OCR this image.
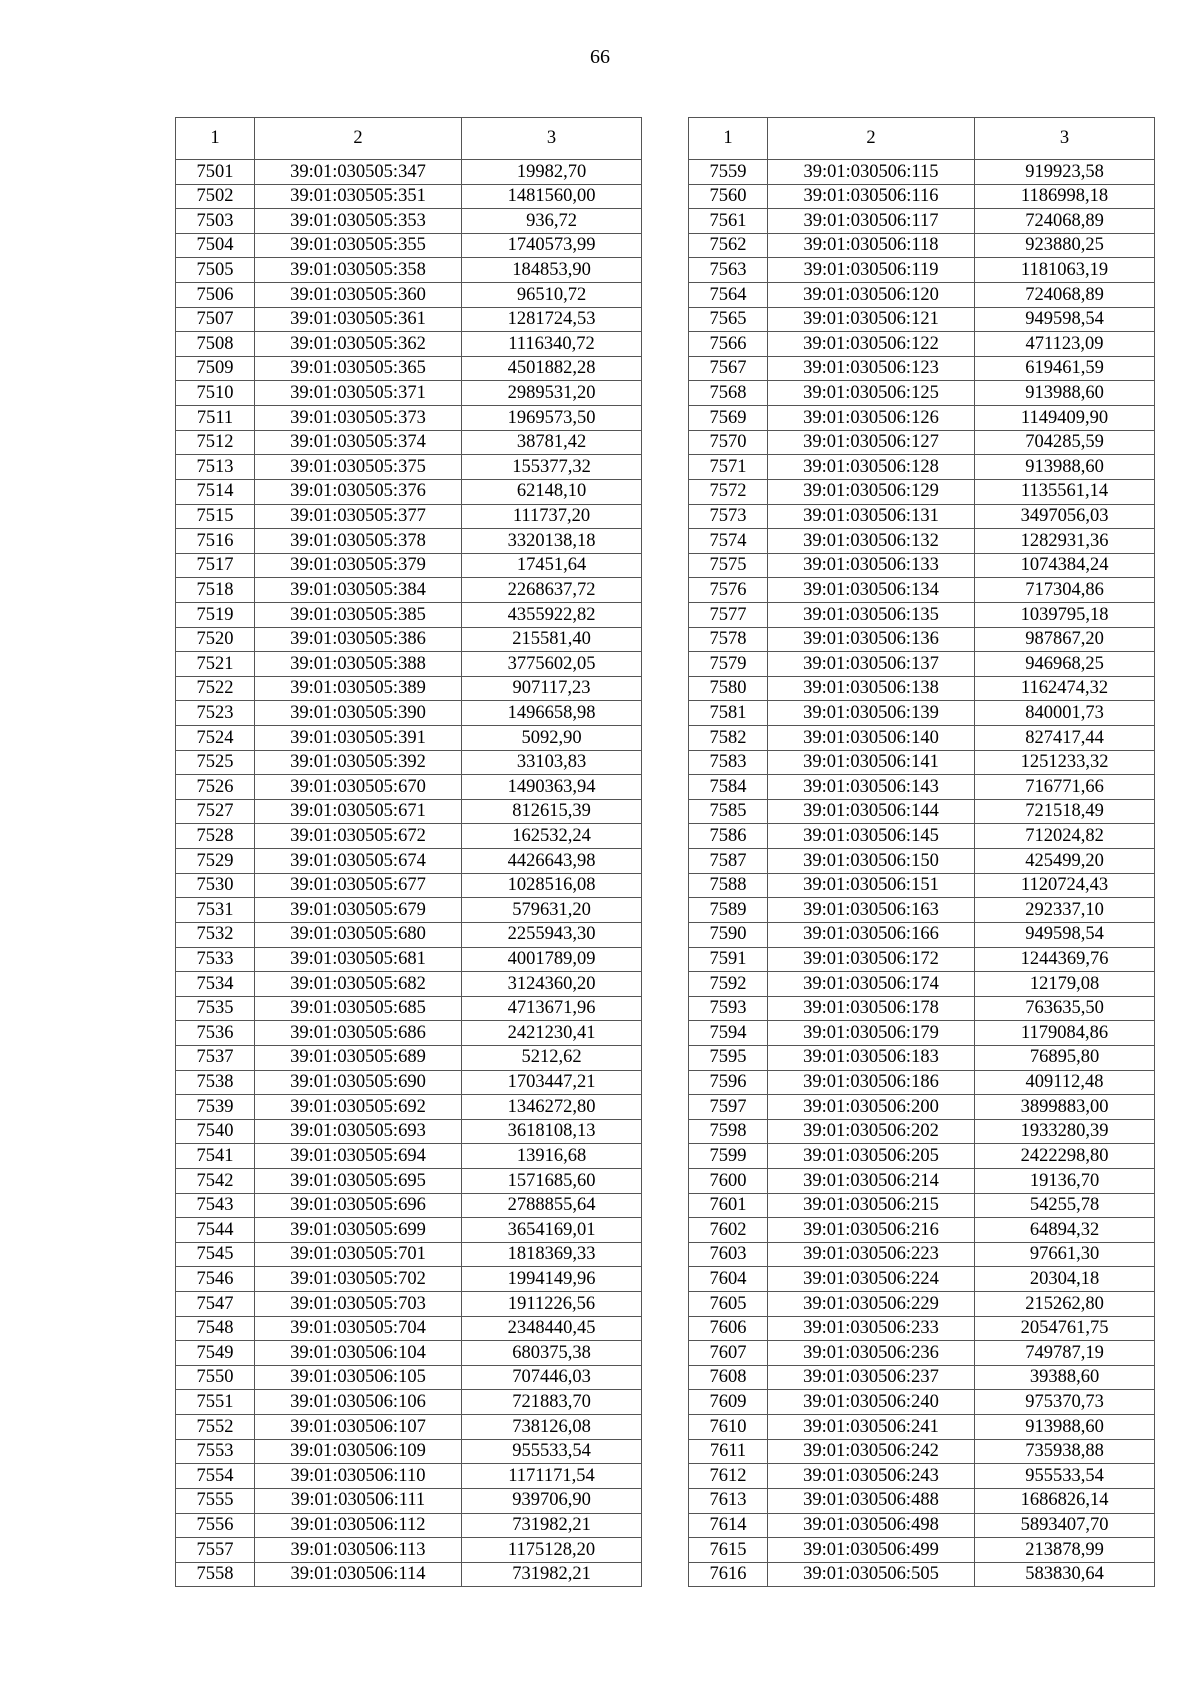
66
1	2	3
7501	39:01:030505:347	19982,70
7502	39:01:030505:351	1481560,00
7503	39:01:030505:353	936,72
7504	39:01:030505:355	1740573,99
7505	39:01:030505:358	184853,90
7506	39:01:030505:360	96510,72
7507	39:01:030505:361	1281724,53
7508	39:01:030505:362	1116340,72
7509	39:01:030505:365	4501882,28
7510	39:01:030505:371	2989531,20
7511	39:01:030505:373	1969573,50
7512	39:01:030505:374	38781,42
7513	39:01:030505:375	155377,32
7514	39:01:030505:376	62148,10
7515	39:01:030505:377	111737,20
7516	39:01:030505:378	3320138,18
7517	39:01:030505:379	17451,64
7518	39:01:030505:384	2268637,72
7519	39:01:030505:385	4355922,82
7520	39:01:030505:386	215581,40
7521	39:01:030505:388	3775602,05
7522	39:01:030505:389	907117,23
7523	39:01:030505:390	1496658,98
7524	39:01:030505:391	5092,90
7525	39:01:030505:392	33103,83
7526	39:01:030505:670	1490363,94
7527	39:01:030505:671	812615,39
7528	39:01:030505:672	162532,24
7529	39:01:030505:674	4426643,98
7530	39:01:030505:677	1028516,08
7531	39:01:030505:679	579631,20
7532	39:01:030505:680	2255943,30
7533	39:01:030505:681	4001789,09
7534	39:01:030505:682	3124360,20
7535	39:01:030505:685	4713671,96
7536	39:01:030505:686	2421230,41
7537	39:01:030505:689	5212,62
7538	39:01:030505:690	1703447,21
7539	39:01:030505:692	1346272,80
7540	39:01:030505:693	3618108,13
7541	39:01:030505:694	13916,68
7542	39:01:030505:695	1571685,60
7543	39:01:030505:696	2788855,64
7544	39:01:030505:699	3654169,01
7545	39:01:030505:701	1818369,33
7546	39:01:030505:702	1994149,96
7547	39:01:030505:703	1911226,56
7548	39:01:030505:704	2348440,45
7549	39:01:030506:104	680375,38
7550	39:01:030506:105	707446,03
7551	39:01:030506:106	721883,70
7552	39:01:030506:107	738126,08
7553	39:01:030506:109	955533,54
7554	39:01:030506:110	1171171,54
7555	39:01:030506:111	939706,90
7556	39:01:030506:112	731982,21
7557	39:01:030506:113	1175128,20
7558	39:01:030506:114	731982,21
1	2	3
7559	39:01:030506:115	919923,58
7560	39:01:030506:116	1186998,18
7561	39:01:030506:117	724068,89
7562	39:01:030506:118	923880,25
7563	39:01:030506:119	1181063,19
7564	39:01:030506:120	724068,89
7565	39:01:030506:121	949598,54
7566	39:01:030506:122	471123,09
7567	39:01:030506:123	619461,59
7568	39:01:030506:125	913988,60
7569	39:01:030506:126	1149409,90
7570	39:01:030506:127	704285,59
7571	39:01:030506:128	913988,60
7572	39:01:030506:129	1135561,14
7573	39:01:030506:131	3497056,03
7574	39:01:030506:132	1282931,36
7575	39:01:030506:133	1074384,24
7576	39:01:030506:134	717304,86
7577	39:01:030506:135	1039795,18
7578	39:01:030506:136	987867,20
7579	39:01:030506:137	946968,25
7580	39:01:030506:138	1162474,32
7581	39:01:030506:139	840001,73
7582	39:01:030506:140	827417,44
7583	39:01:030506:141	1251233,32
7584	39:01:030506:143	716771,66
7585	39:01:030506:144	721518,49
7586	39:01:030506:145	712024,82
7587	39:01:030506:150	425499,20
7588	39:01:030506:151	1120724,43
7589	39:01:030506:163	292337,10
7590	39:01:030506:166	949598,54
7591	39:01:030506:172	1244369,76
7592	39:01:030506:174	12179,08
7593	39:01:030506:178	763635,50
7594	39:01:030506:179	1179084,86
7595	39:01:030506:183	76895,80
7596	39:01:030506:186	409112,48
7597	39:01:030506:200	3899883,00
7598	39:01:030506:202	1933280,39
7599	39:01:030506:205	2422298,80
7600	39:01:030506:214	19136,70
7601	39:01:030506:215	54255,78
7602	39:01:030506:216	64894,32
7603	39:01:030506:223	97661,30
7604	39:01:030506:224	20304,18
7605	39:01:030506:229	215262,80
7606	39:01:030506:233	2054761,75
7607	39:01:030506:236	749787,19
7608	39:01:030506:237	39388,60
7609	39:01:030506:240	975370,73
7610	39:01:030506:241	913988,60
7611	39:01:030506:242	735938,88
7612	39:01:030506:243	955533,54
7613	39:01:030506:488	1686826,14
7614	39:01:030506:498	5893407,70
7615	39:01:030506:499	213878,99
7616	39:01:030506:505	583830,64
